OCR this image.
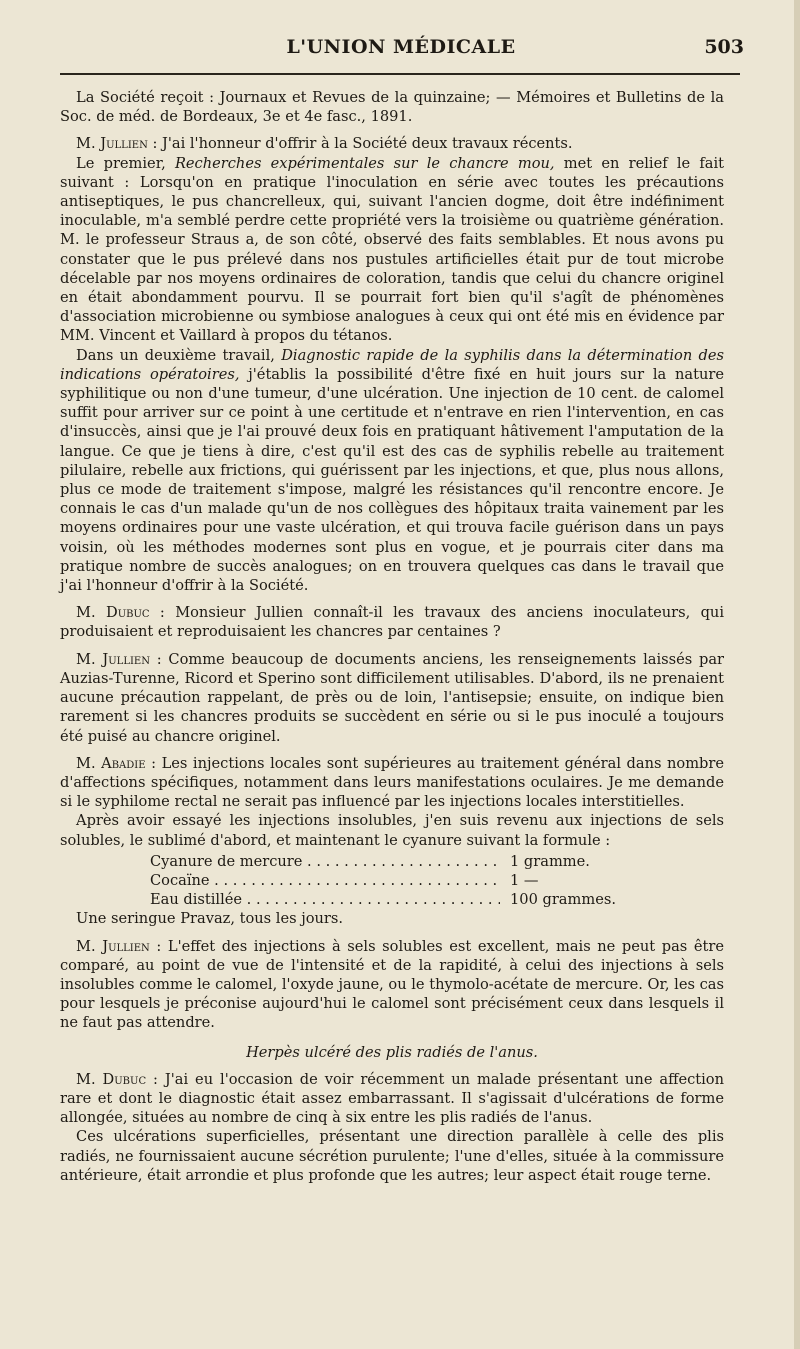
L'UNION MÉDICALE	503

La Société reçoit : Journaux et Revues de la quinzaine; — Mémoires et Bulletins de la Soc. de méd. de Bordeaux, 3e et 4e fasc., 1891.

M. Jullien : J'ai l'honneur d'offrir à la Société deux travaux récents.

Le premier, Recherches expérimentales sur le chancre mou, met en relief le fait suivant : Lorsqu'on en pratique l'inoculation en série avec toutes les précautions antiseptiques, le pus chancrelleux, qui, suivant l'ancien dogme, doit être indéfiniment inoculable, m'a semblé perdre cette propriété vers la troisième ou quatrième génération. M. le professeur Straus a, de son côté, observé des faits semblables. Et nous avons pu constater que le pus prélevé dans nos pustules artificielles était pur de tout microbe décelable par nos moyens ordinaires de coloration, tandis que celui du chancre originel en était abondamment pourvu. Il se pourrait fort bien qu'il s'agît de phénomènes d'association microbienne ou symbiose analogues à ceux qui ont été mis en évidence par MM. Vincent et Vaillard à propos du tétanos.

Dans un deuxième travail, Diagnostic rapide de la syphilis dans la détermination des indications opératoires, j'établis la possibilité d'être fixé en huit jours sur la nature syphilitique ou non d'une tumeur, d'une ulcération. Une injection de 10 cent. de calomel suffit pour arriver sur ce point à une certitude et n'entrave en rien l'intervention, en cas d'insuccès, ainsi que je l'ai prouvé deux fois en pratiquant hâtivement l'amputation de la langue. Ce que je tiens à dire, c'est qu'il est des cas de syphilis rebelle au traitement pilulaire, rebelle aux frictions, qui guérissent par les injections, et que, plus nous allons, plus ce mode de traitement s'impose, malgré les résistances qu'il rencontre encore. Je connais le cas d'un malade qu'un de nos collègues des hôpitaux traita vainement par les moyens ordinaires pour une vaste ulcération, et qui trouva facile guérison dans un pays voisin, où les méthodes modernes sont plus en vogue, et je pourrais citer dans ma pratique nombre de succès analogues; on en trouvera quelques cas dans le travail que j'ai l'honneur d'offrir à la Société.

M. Dubuc : Monsieur Jullien connaît-il les travaux des anciens inoculateurs, qui produisaient et reproduisaient les chancres par centaines ?

M. Jullien : Comme beaucoup de documents anciens, les renseignements laissés par Auzias-Turenne, Ricord et Sperino sont difficilement utilisables. D'abord, ils ne prenaient aucune précaution rappelant, de près ou de loin, l'antisepsie; ensuite, on indique bien rarement si les chancres produits se succèdent en série ou si le pus inoculé a toujours été puisé au chancre originel.

M. Abadie : Les injections locales sont supérieures au traitement général dans nombre d'affections spécifiques, notamment dans leurs manifestations oculaires. Je me demande si le syphilome rectal ne serait pas influencé par les injections locales interstitielles.

Après avoir essayé les injections insolubles, j'en suis revenu aux injections de sels solubles, le sublimé d'abord, et maintenant le cyanure suivant la formule :

Cyanure de mercure . . .	1 gramme.
Cocaïne . . .	1 —
Eau distillée . . .	100 grammes.

Une seringue Pravaz, tous les jours.

M. Jullien : L'effet des injections à sels solubles est excellent, mais ne peut pas être comparé, au point de vue de l'intensité et de la rapidité, à celui des injections à sels insolubles comme le calomel, l'oxyde jaune, ou le thymolo-acétate de mercure. Or, les cas pour lesquels je préconise aujourd'hui le calomel sont précisément ceux dans lesquels il ne faut pas attendre.

Herpès ulcéré des plis radiés de l'anus.

M. Dubuc : J'ai eu l'occasion de voir récemment un malade présentant une affection rare et dont le diagnostic était assez embarrassant. Il s'agissait d'ulcérations de forme allongée, situées au nombre de cinq à six entre les plis radiés de l'anus.

Ces ulcérations superficielles, présentant une direction parallèle à celle des plis radiés, ne fournissaient aucune sécrétion purulente; l'une d'elles, située à la commissure antérieure, était arrondie et plus profonde que les autres; leur aspect était rouge terne.
